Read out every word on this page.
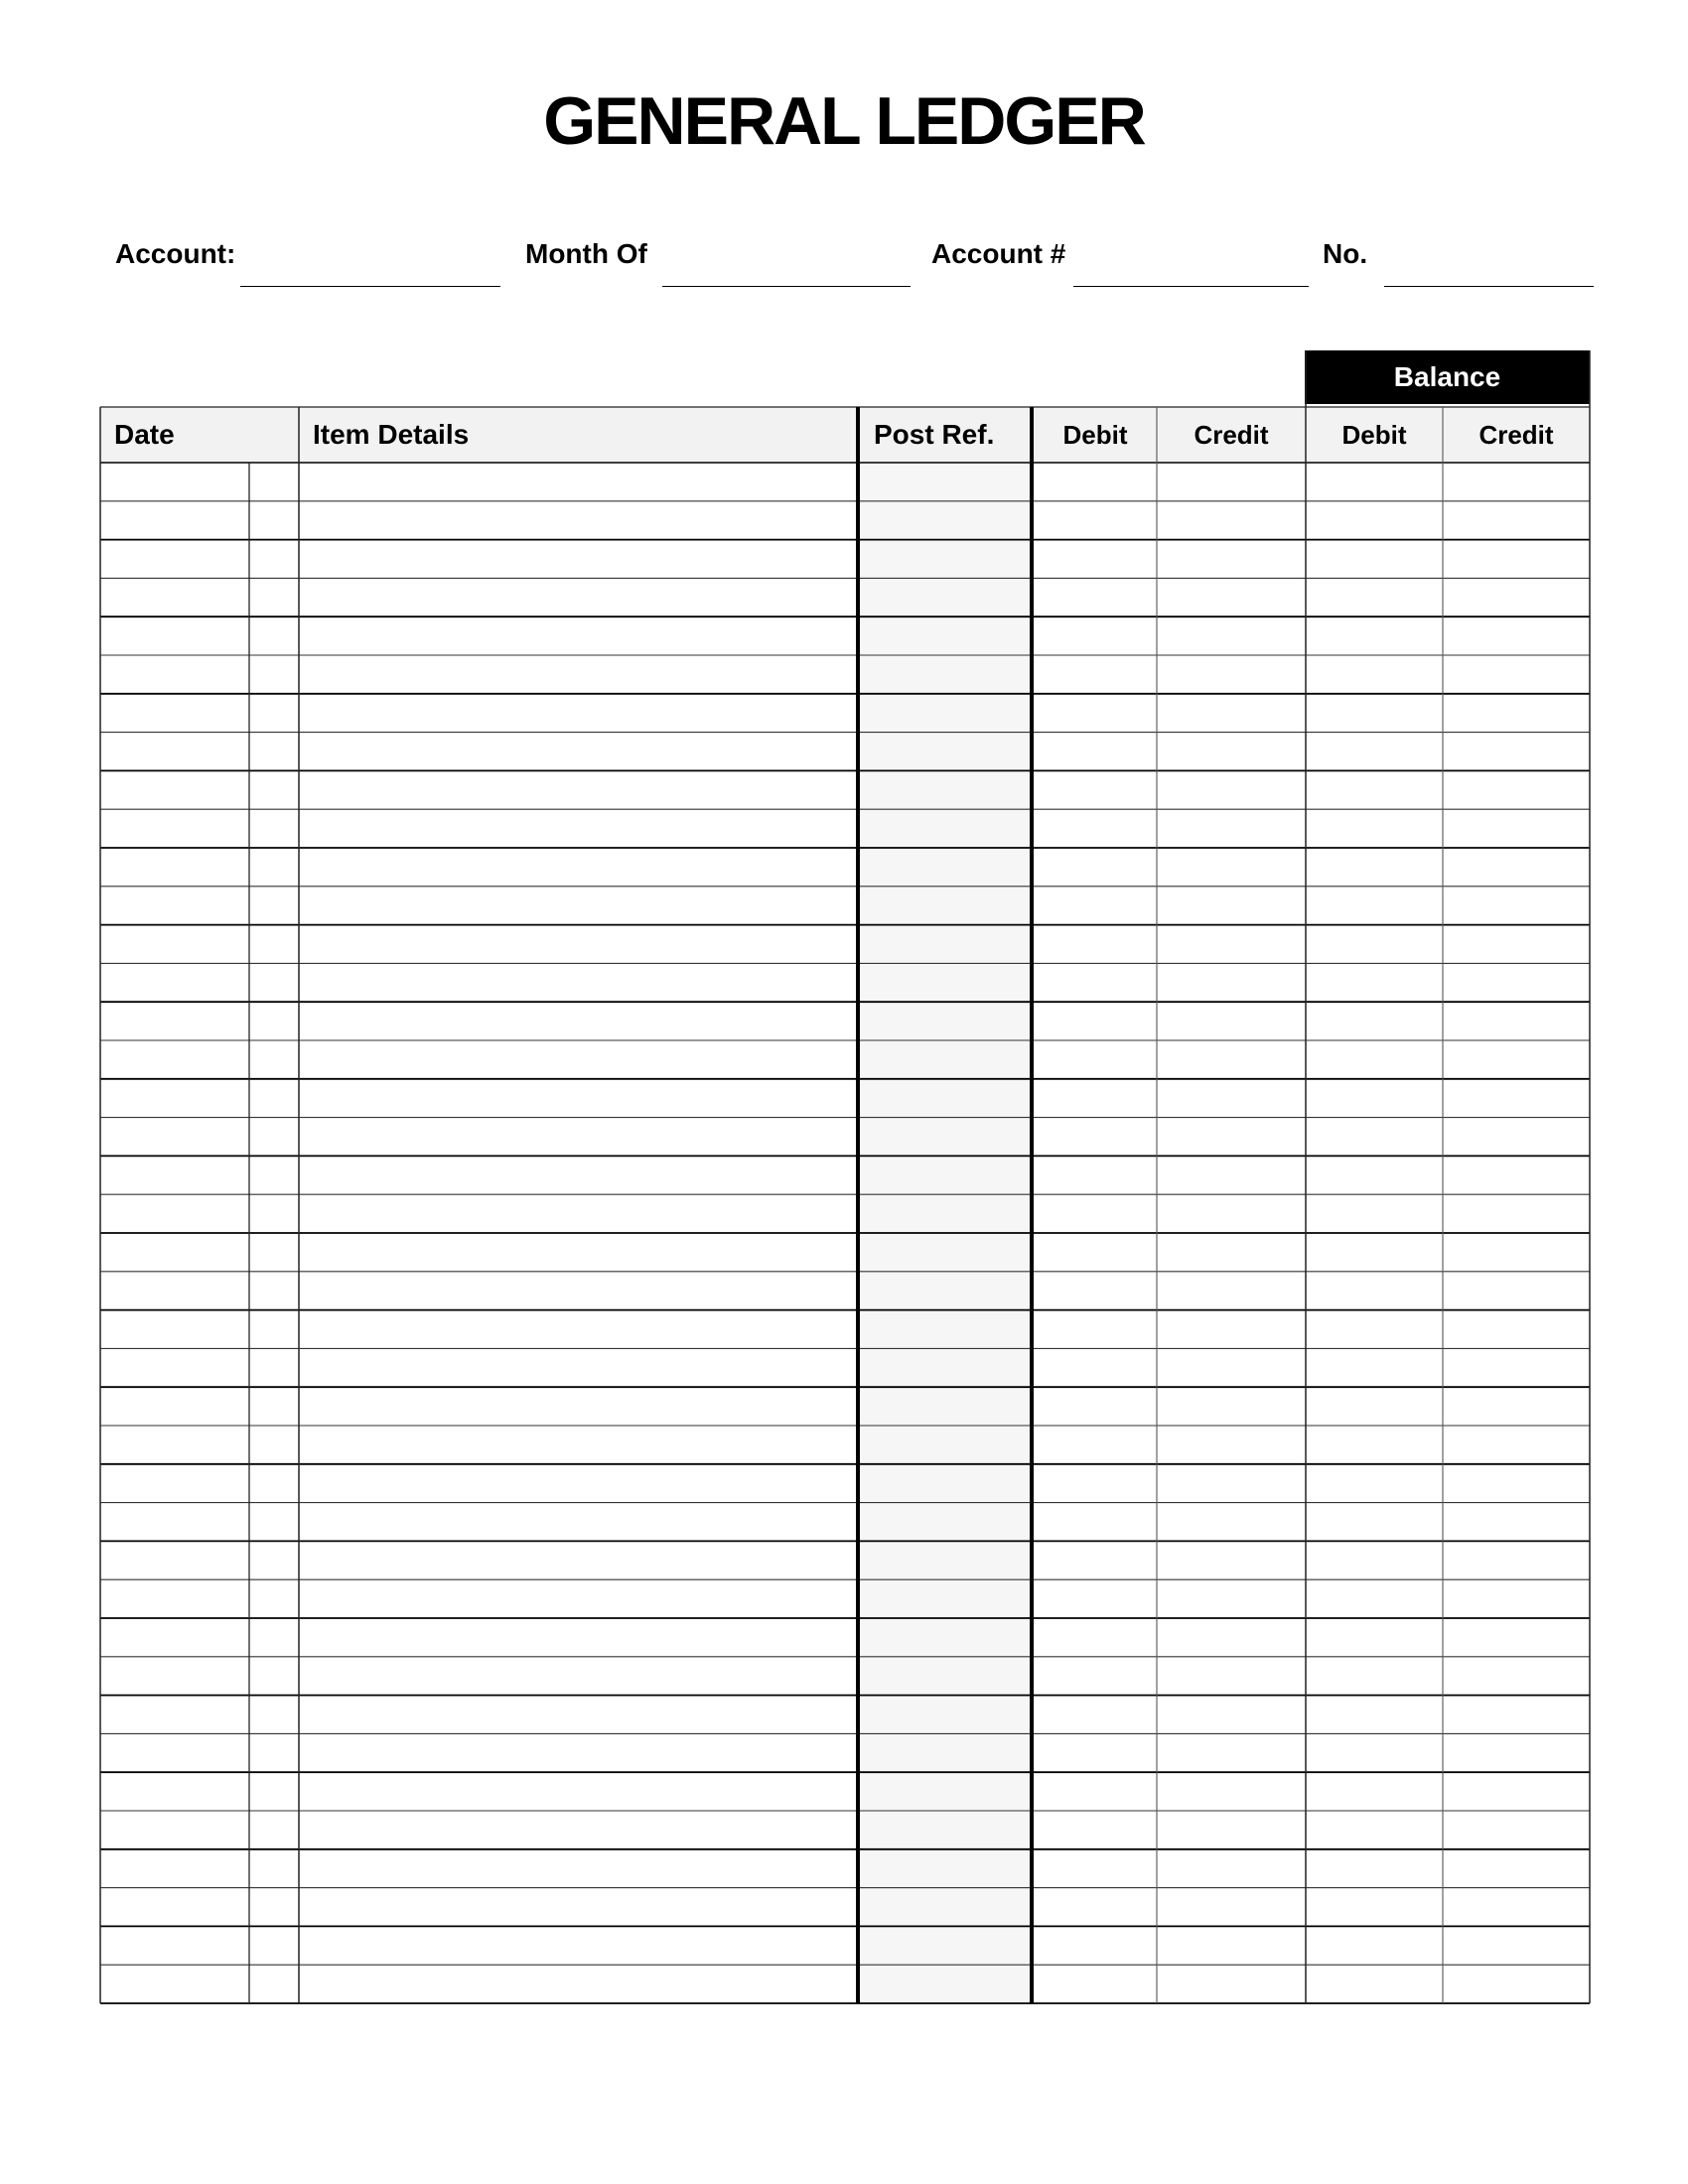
GENERAL LEDGER
Account:	Month Of	Account #	No.
Balance
Date	Item Details	Post Ref.	Debit	Credit	Debit	Credit
